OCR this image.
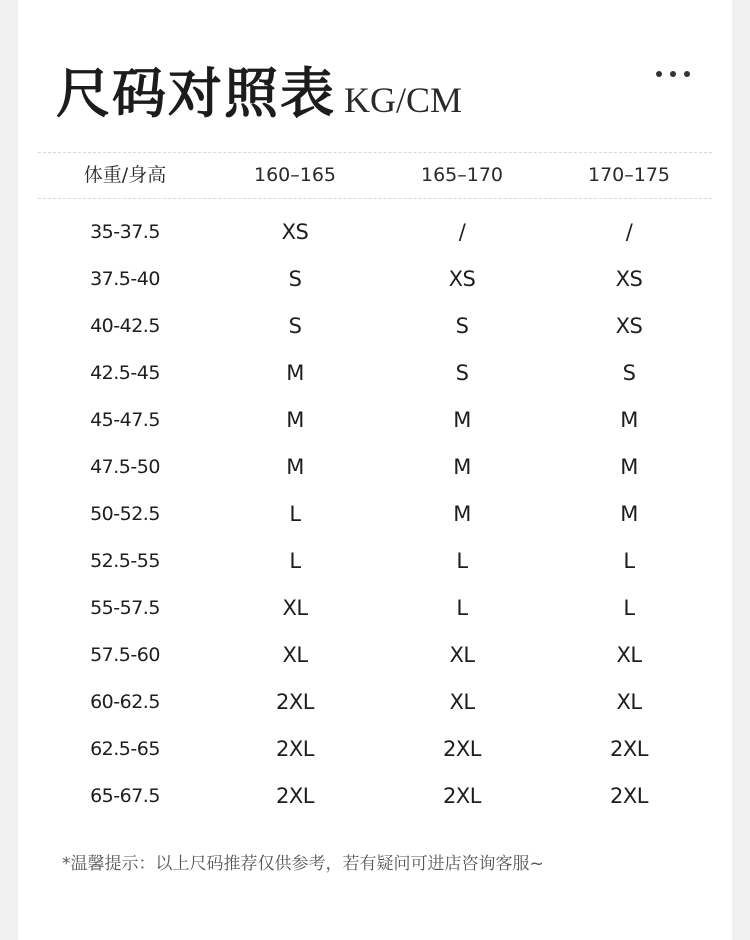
尺码对照表 KG/CM
体重/身高	160–165	165–170	170–175
35-37.5	XS	/	/
37.5-40	S	XS	XS
40-42.5	S	S	XS
42.5-45	M	S	S
45-47.5	M	M	M
47.5-50	M	M	M
50-52.5	L	M	M
52.5-55	L	L	L
55-57.5	XL	L	L
57.5-60	XL	XL	XL
60-62.5	2XL	XL	XL
62.5-65	2XL	2XL	2XL
65-67.5	2XL	2XL	2XL
*温馨提示：以上尺码推荐仅供参考，若有疑问可进店咨询客服~
